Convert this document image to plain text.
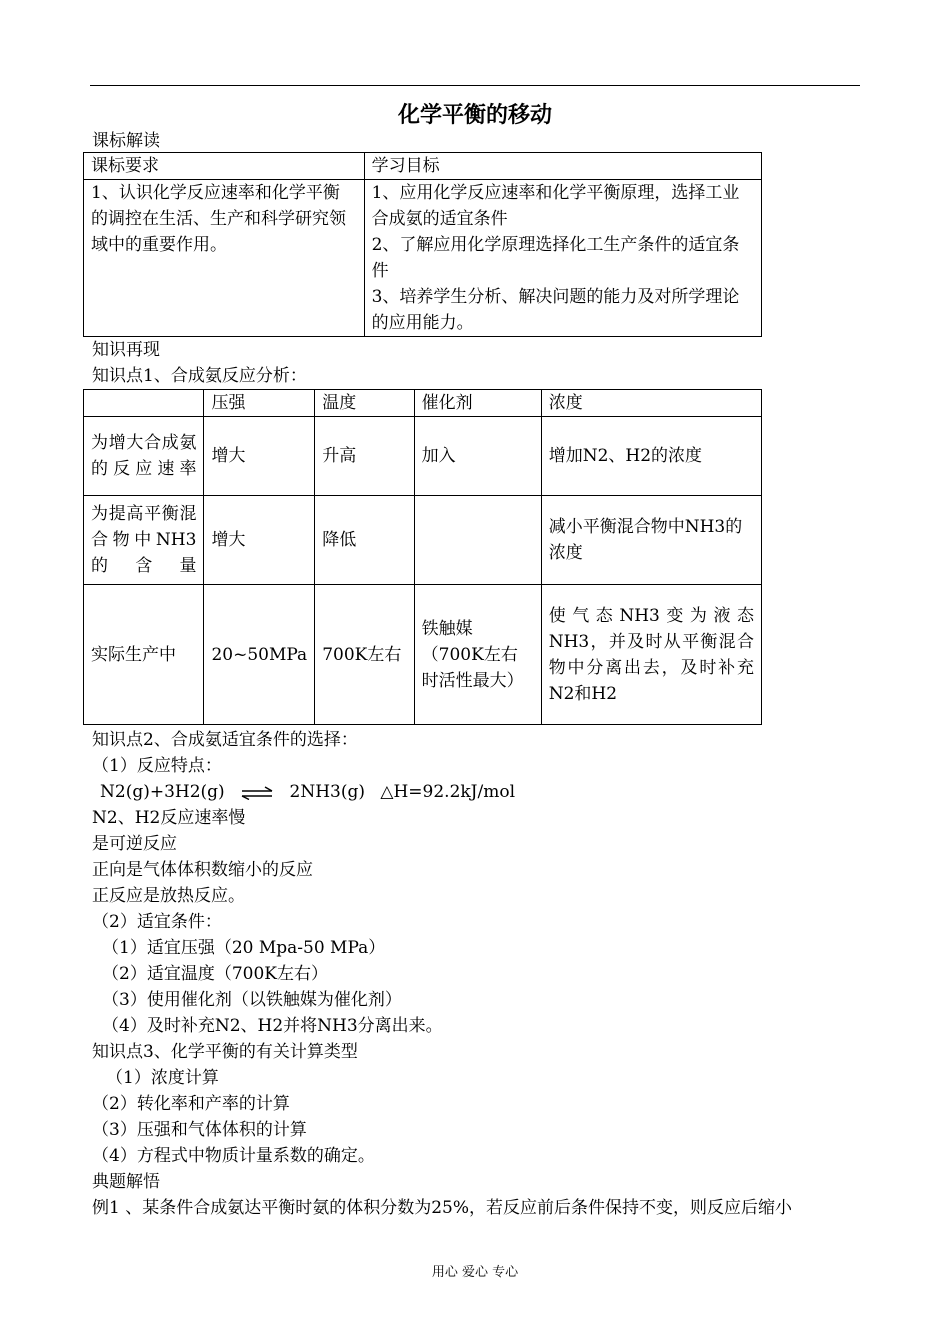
化学平衡的移动
课标解读
课标要求	学习目标
1、认识化学反应速率和化学平衡的调控在生活、生产和科学研究领域中的重要作用。	1、应用化学反应速率和化学平衡原理，选择工业合成氨的适宜条件
2、了解应用化学原理选择化工生产条件的适宜条件
3、培养学生分析、解决问题的能力及对所学理论的应用能力。
知识再现
知识点1、合成氨反应分析：
	压强	温度	催化剂	浓度
为增大合成氨的反应速率	增大	升高	加入	增加N2、H2的浓度
为提高平衡混合物中NH3的含量	增大	降低		减小平衡混合物中NH3的浓度
实际生产中	20~50MPa	700K左右	铁触媒（700K左右时活性最大）	使气态NH3变为液态NH3，并及时从平衡混合物中分离出去，及时补充N2和H2
知识点2、合成氨适宜条件的选择：
（1）反应特点：
N2(g)+3H2(g) ⇌ 2NH3(g) △H=92.2kJ/mol
N2、H2反应速率慢
是可逆反应
正向是气体体积数缩小的反应
正反应是放热反应。
（2）适宜条件：
（1）适宜压强（20 Mpa-50 MPa）
（2）适宜温度（700K左右）
（3）使用催化剂（以铁触媒为催化剂）
（4）及时补充N2、H2并将NH3分离出来。
知识点3、化学平衡的有关计算类型
（1）浓度计算
（2）转化率和产率的计算
（3）压强和气体体积的计算
（4）方程式中物质计量系数的确定。
典题解悟
例1 、某条件合成氨达平衡时氨的体积分数为25%，若反应前后条件保持不变，则反应后缩小
用心 爱心 专心
